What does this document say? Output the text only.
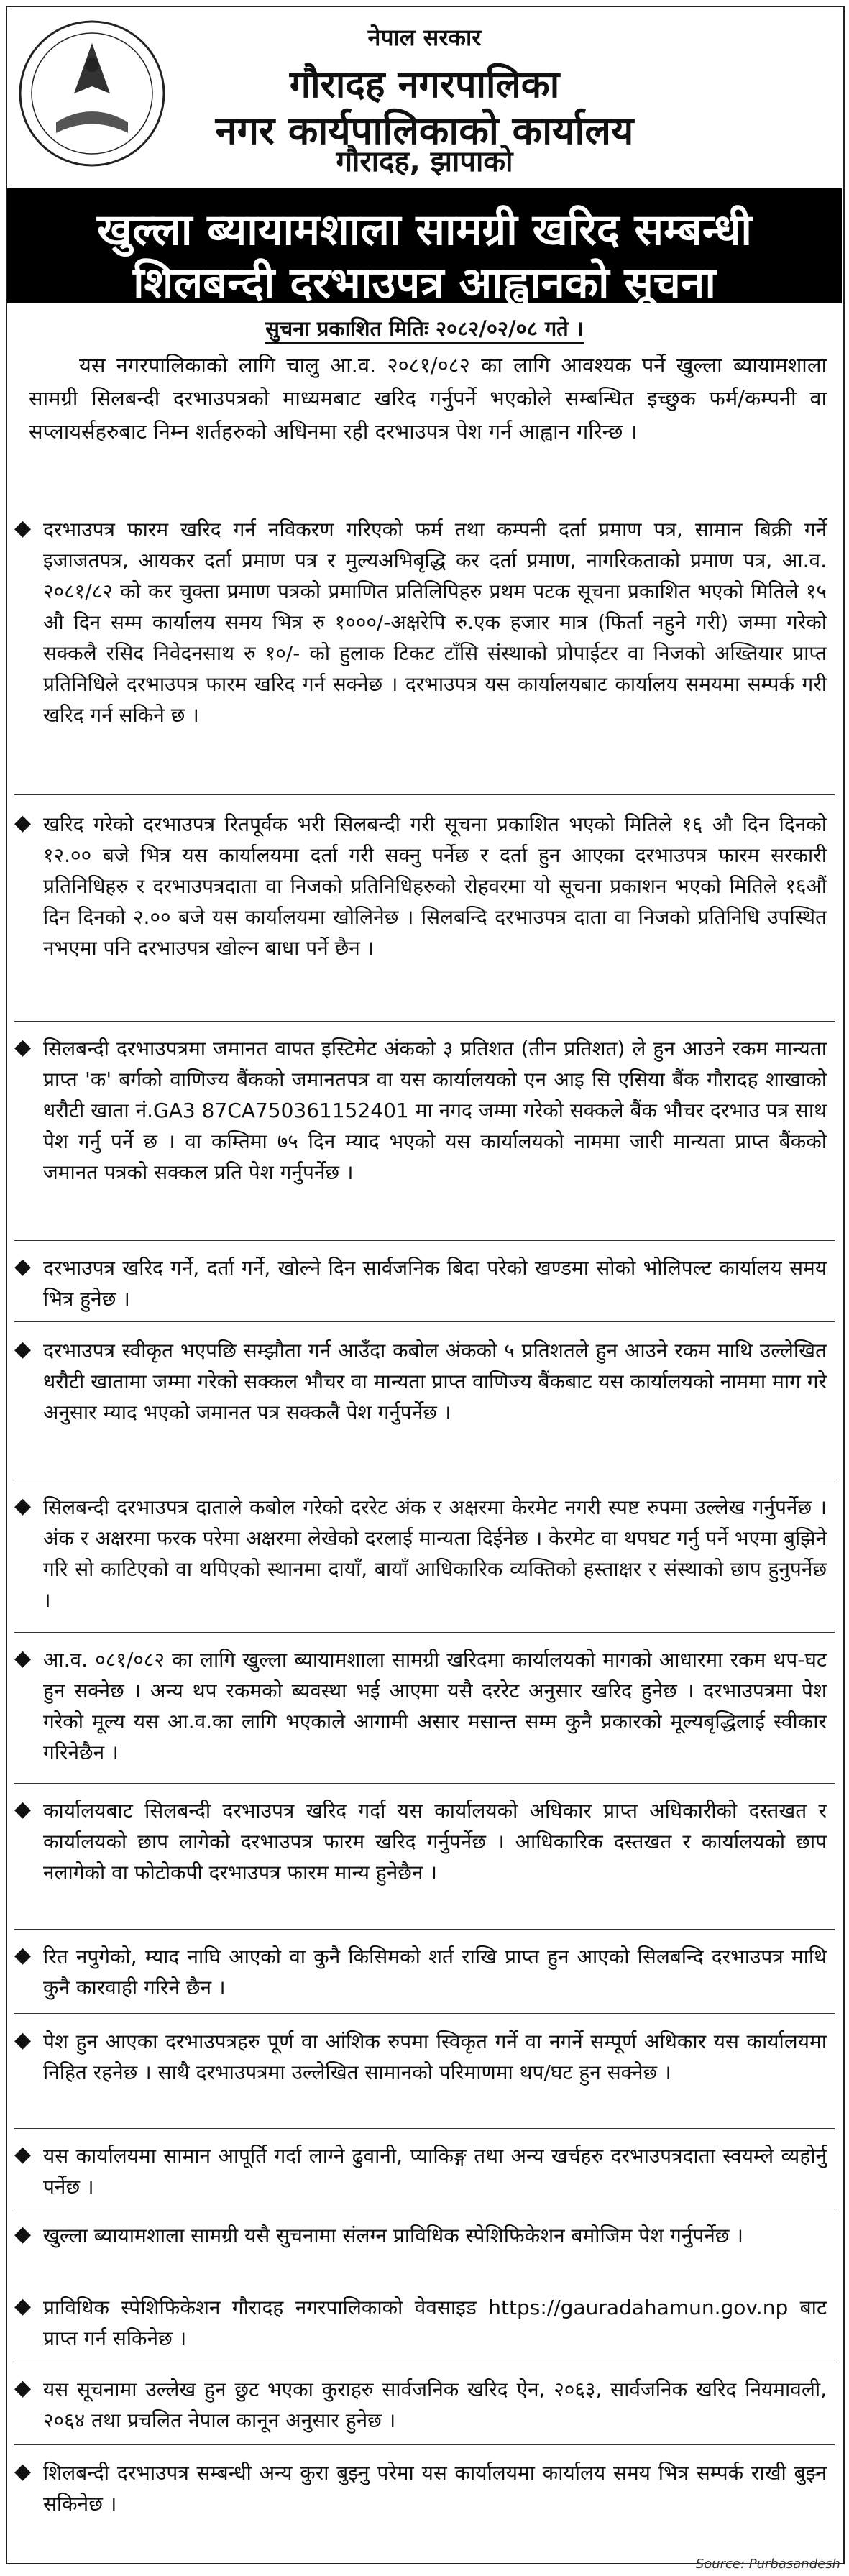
नेपाल सरकार
गौरादह नगरपालिका
नगर कार्यपालिकाको कार्यालय
गौरादह, झापाको
खुल्ला ब्यायामशाला सामग्री खरिद सम्बन्धी
शिलबन्दी दरभाउपत्र आह्वानको सूचना
सुचना प्रकाशित मितिः २०८२/०२/०८ गते ।
यस नगरपालिकाको लागि चालु आ.व. २०८१/०८२ का लागि आवश्यक पर्ने खुल्ला ब्यायामशाला सामग्री सिलबन्दी दरभाउपत्रको माध्यमबाट खरिद गर्नुपर्ने भएकोले सम्बन्धित इच्छुक फर्म/कम्पनी वा सप्लायर्सहरुबाट निम्न शर्तहरुको अधिनमा रही दरभाउपत्र पेश गर्न आह्वान गरिन्छ ।
◆ दरभाउपत्र फारम खरिद गर्न नविकरण गरिएको फर्म तथा कम्पनी दर्ता प्रमाण पत्र, सामान बिक्री गर्ने इजाजतपत्र, आयकर दर्ता प्रमाण पत्र र मुल्यअभिबृद्धि कर दर्ता प्रमाण, नागरिकताको प्रमाण पत्र, आ.व. २०८१/८२ को कर चुक्ता प्रमाण पत्रको प्रमाणित प्रतिलिपिहरु प्रथम पटक सूचना प्रकाशित भएको मितिले १५ औ दिन सम्म कार्यालय समय भित्र रु १०००/-अक्षरेपि रु.एक हजार मात्र (फिर्ता नहुने गरी) जम्मा गरेको सक्कलै रसिद निवेदनसाथ रु १०/- को हुलाक टिकट टाँसि संस्थाको प्रोपाईटर वा निजको अख्तियार प्राप्त प्रतिनिधिले दरभाउपत्र फारम खरिद गर्न सक्नेछ । दरभाउपत्र यस कार्यालयबाट कार्यालय समयमा सम्पर्क गरी खरिद गर्न सकिने छ ।
◆ खरिद गरेको दरभाउपत्र रितपूर्वक भरी सिलबन्दी गरी सूचना प्रकाशित भएको मितिले १६ औ दिन दिनको १२.०० बजे भित्र यस कार्यालयमा दर्ता गरी सक्नु पर्नेछ र दर्ता हुन आएका दरभाउपत्र फारम सरकारी प्रतिनिधिहरु र दरभाउपत्रदाता वा निजको प्रतिनिधिहरुको रोहवरमा यो सूचना प्रकाशन भएको मितिले १६औं दिन दिनको २.०० बजे यस कार्यालयमा खोलिनेछ । सिलबन्दि दरभाउपत्र दाता वा निजको प्रतिनिधि उपस्थित नभएमा पनि दरभाउपत्र खोल्न बाधा पर्ने छैन ।
◆ सिलबन्दी दरभाउपत्रमा जमानत वापत इस्टिमेट अंकको ३ प्रतिशत (तीन प्रतिशत) ले हुन आउने रकम मान्यता प्राप्त 'क' बर्गको वाणिज्य बैंकको जमानतपत्र वा यस कार्यालयको एन आइ सि एसिया बैंक गौरादह शाखाको धरौटी खाता नं.GA3 87CA750361152401 मा नगद जम्मा गरेको सक्कले बैंक भौचर दरभाउ पत्र साथ पेश गर्नु पर्ने छ । वा कम्तिमा ७५ दिन म्याद भएको यस कार्यालयको नाममा जारी मान्यता प्राप्त बैंकको जमानत पत्रको सक्कल प्रति पेश गर्नुपर्नेछ ।
◆ दरभाउपत्र खरिद गर्ने, दर्ता गर्ने, खोल्ने दिन सार्वजनिक बिदा परेको खण्डमा सोको भोलिपल्ट कार्यालय समय भित्र हुनेछ ।
◆ दरभाउपत्र स्वीकृत भएपछि सम्झौता गर्न आउँदा कबोल अंकको ५ प्रतिशतले हुन आउने रकम माथि उल्लेखित धरौटी खातामा जम्मा गरेको सक्कल भौचर वा मान्यता प्राप्त वाणिज्य बैंकबाट यस कार्यालयको नाममा माग गरे अनुसार म्याद भएको जमानत पत्र सक्कलै पेश गर्नुपर्नेछ ।
◆ सिलबन्दी दरभाउपत्र दाताले कबोल गरेको दररेट अंक र अक्षरमा केरमेट नगरी स्पष्ट रुपमा उल्लेख गर्नुपर्नेछ । अंक र अक्षरमा फरक परेमा अक्षरमा लेखेको दरलाई मान्यता दिईनेछ । केरमेट वा थपघट गर्नु पर्ने भएमा बुझिने गरि सो काटिएको वा थपिएको स्थानमा दायाँ, बायाँ आधिकारिक व्यक्तिको हस्ताक्षर र संस्थाको छाप हुनुपर्नेछ ।
◆ आ.व. ०८१/०८२ का लागि खुल्ला ब्यायामशाला सामग्री खरिदमा कार्यालयको मागको आधारमा रकम थप-घट हुन सक्नेछ । अन्य थप रकमको ब्यवस्था भई आएमा यसै दररेट अनुसार खरिद हुनेछ । दरभाउपत्रमा पेश गरेको मूल्य यस आ.व.का लागि भएकाले आगामी असार मसान्त सम्म कुनै प्रकारको मूल्यबृद्धिलाई स्वीकार गरिनेछैन ।
◆ कार्यालयबाट सिलबन्दी दरभाउपत्र खरिद गर्दा यस कार्यालयको अधिकार प्राप्त अधिकारीको दस्तखत र कार्यालयको छाप लागेको दरभाउपत्र फारम खरिद गर्नुपर्नेछ । आधिकारिक दस्तखत र कार्यालयको छाप नलागेको वा फोटोकपी दरभाउपत्र फारम मान्य हुनेछैन ।
◆ रित नपुगेको, म्याद नाघि आएको वा कुनै किसिमको शर्त राखि प्राप्त हुन आएको सिलबन्दि दरभाउपत्र माथि कुनै कारवाही गरिने छैन ।
◆ पेश हुन आएका दरभाउपत्रहरु पूर्ण वा आंशिक रुपमा स्विकृत गर्ने वा नगर्ने सम्पूर्ण अधिकार यस कार्यालयमा निहित रहनेछ । साथै दरभाउपत्रमा उल्लेखित सामानको परिमाणमा थप/घट हुन सक्नेछ ।
◆ यस कार्यालयमा सामान आपूर्ति गर्दा लाग्ने ढुवानी, प्याकिङ्ग तथा अन्य खर्चहरु दरभाउपत्रदाता स्वयम्ले व्यहोर्नु पर्नेछ ।
◆ खुल्ला ब्यायामशाला सामग्री यसै सुचनामा संलग्न प्राविधिक स्पेशिफिकेशन बमोजिम पेश गर्नुपर्नेछ ।
◆ प्राविधिक स्पेशिफिकेशन गौरादह नगरपालिकाको वेवसाइड https://gauradahamun.gov.np बाट प्राप्त गर्न सकिनेछ ।
◆ यस सूचनामा उल्लेख हुन छुट भएका कुराहरु सार्वजनिक खरिद ऐन, २०६३, सार्वजनिक खरिद नियमावली, २०६४ तथा प्रचलित नेपाल कानून अनुसार हुनेछ ।
◆ शिलबन्दी दरभाउपत्र सम्बन्धी अन्य कुरा बुझ्नु परेमा यस कार्यालयमा कार्यालय समय भित्र सम्पर्क राखी बुझ्न सकिनेछ ।
Source: Purbasandesh
